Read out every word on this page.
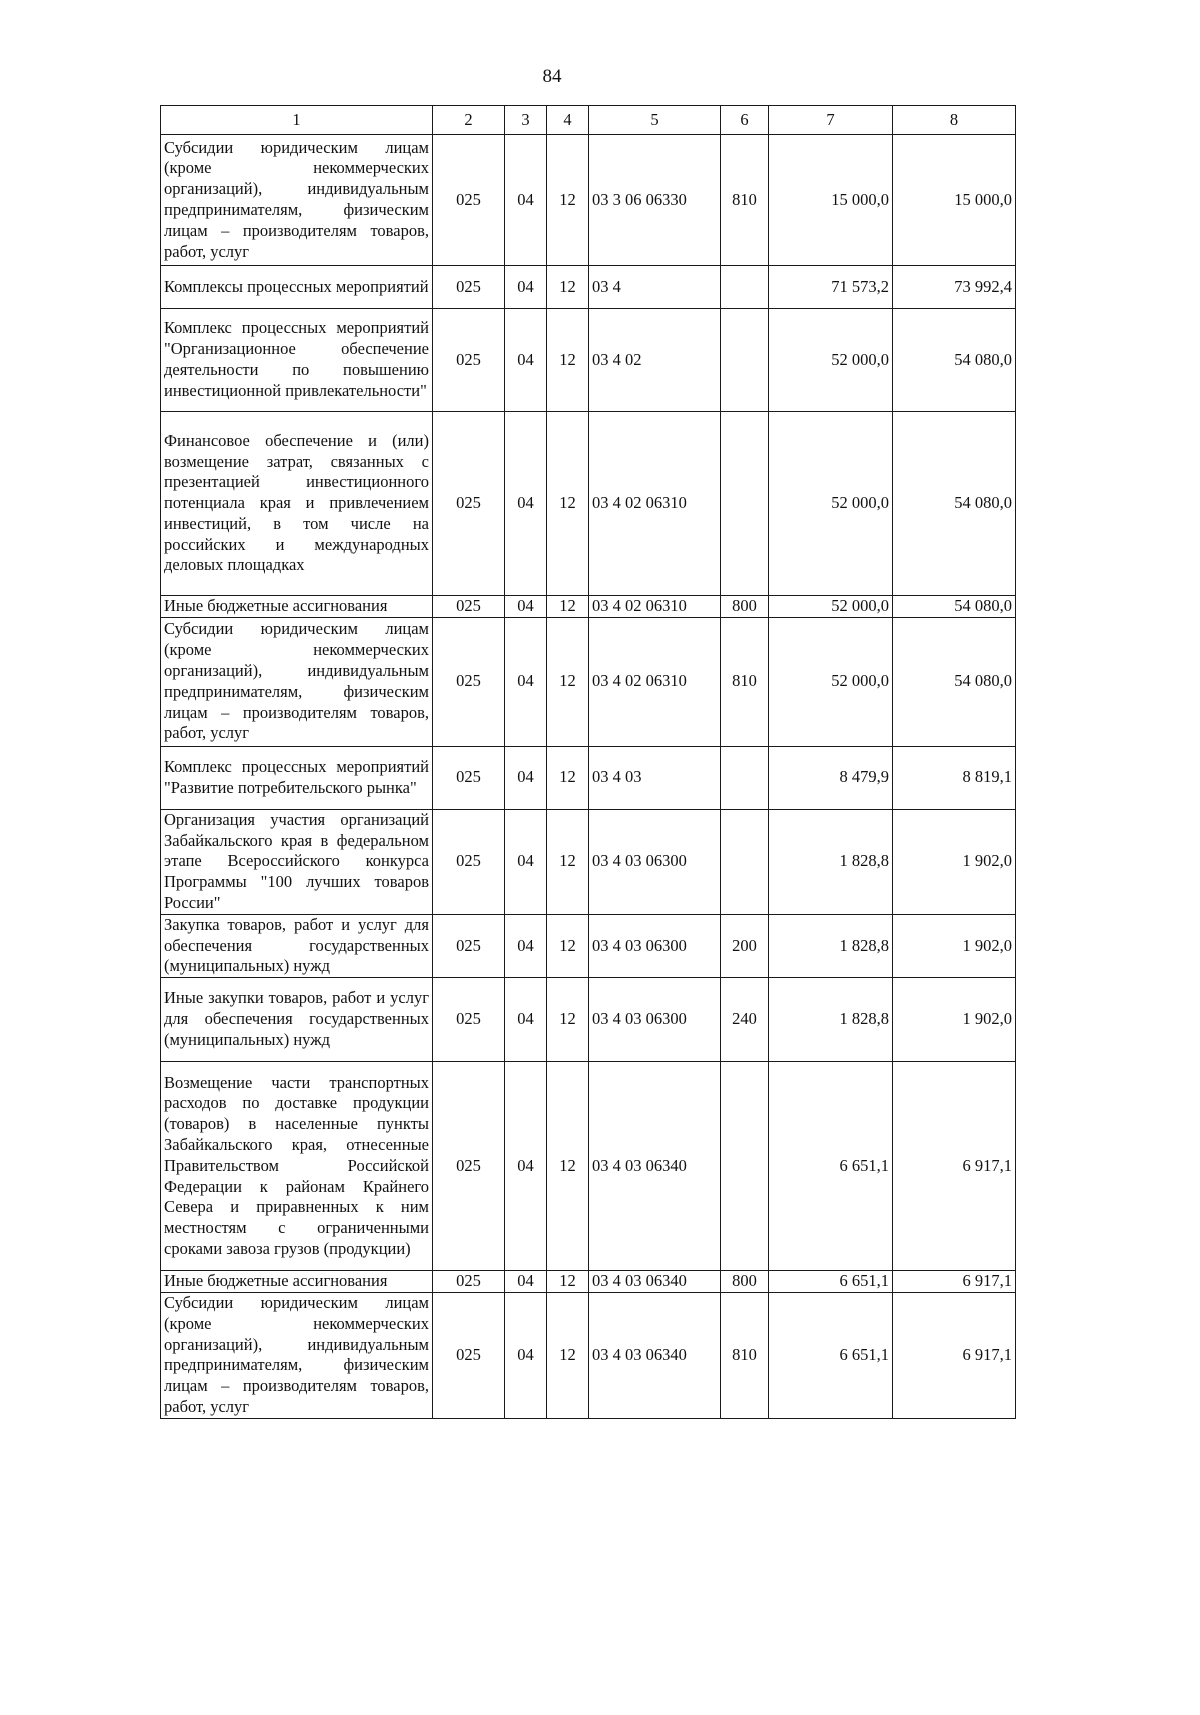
84
1	2	3	4	5	6	7	8
Субсидии юридическим лицам (кроме некоммерческих организаций), индивидуальным предпринимателям, физическим лицам – производителям товаров, работ, услуг	025	04	12	03 3 06 06330	810	15 000,0	15 000,0
Комплексы процессных мероприятий	025	04	12	03 4		71 573,2	73 992,4
Комплекс процессных мероприятий "Организационное обеспечение деятельности по повышению инвестиционной привлекательности"	025	04	12	03 4 02		52 000,0	54 080,0
Финансовое обеспечение и (или) возмещение затрат, связанных с презентацией инвестиционного потенциала края и привлечением инвестиций, в том числе на российских и международных деловых площадках	025	04	12	03 4 02 06310		52 000,0	54 080,0
Иные бюджетные ассигнования	025	04	12	03 4 02 06310	800	52 000,0	54 080,0
Субсидии юридическим лицам (кроме некоммерческих организаций), индивидуальным предпринимателям, физическим лицам – производителям товаров, работ, услуг	025	04	12	03 4 02 06310	810	52 000,0	54 080,0
Комплекс процессных мероприятий "Развитие потребительского рынка"	025	04	12	03 4 03		8 479,9	8 819,1
Организация участия организаций Забайкальского края в федеральном этапе Всероссийского конкурса Программы "100 лучших товаров России"	025	04	12	03 4 03 06300		1 828,8	1 902,0
Закупка товаров, работ и услуг для обеспечения государственных (муниципальных) нужд	025	04	12	03 4 03 06300	200	1 828,8	1 902,0
Иные закупки товаров, работ и услуг для обеспечения государственных (муниципальных) нужд	025	04	12	03 4 03 06300	240	1 828,8	1 902,0
Возмещение части транспортных расходов по доставке продукции (товаров) в населенные пункты Забайкальского края, отнесенные Правительством Российской Федерации к районам Крайнего Севера и приравненных к ним местностям с ограниченными сроками завоза грузов (продукции)	025	04	12	03 4 03 06340		6 651,1	6 917,1
Иные бюджетные ассигнования	025	04	12	03 4 03 06340	800	6 651,1	6 917,1
Субсидии юридическим лицам (кроме некоммерческих организаций), индивидуальным предпринимателям, физическим лицам – производителям товаров, работ, услуг	025	04	12	03 4 03 06340	810	6 651,1	6 917,1
